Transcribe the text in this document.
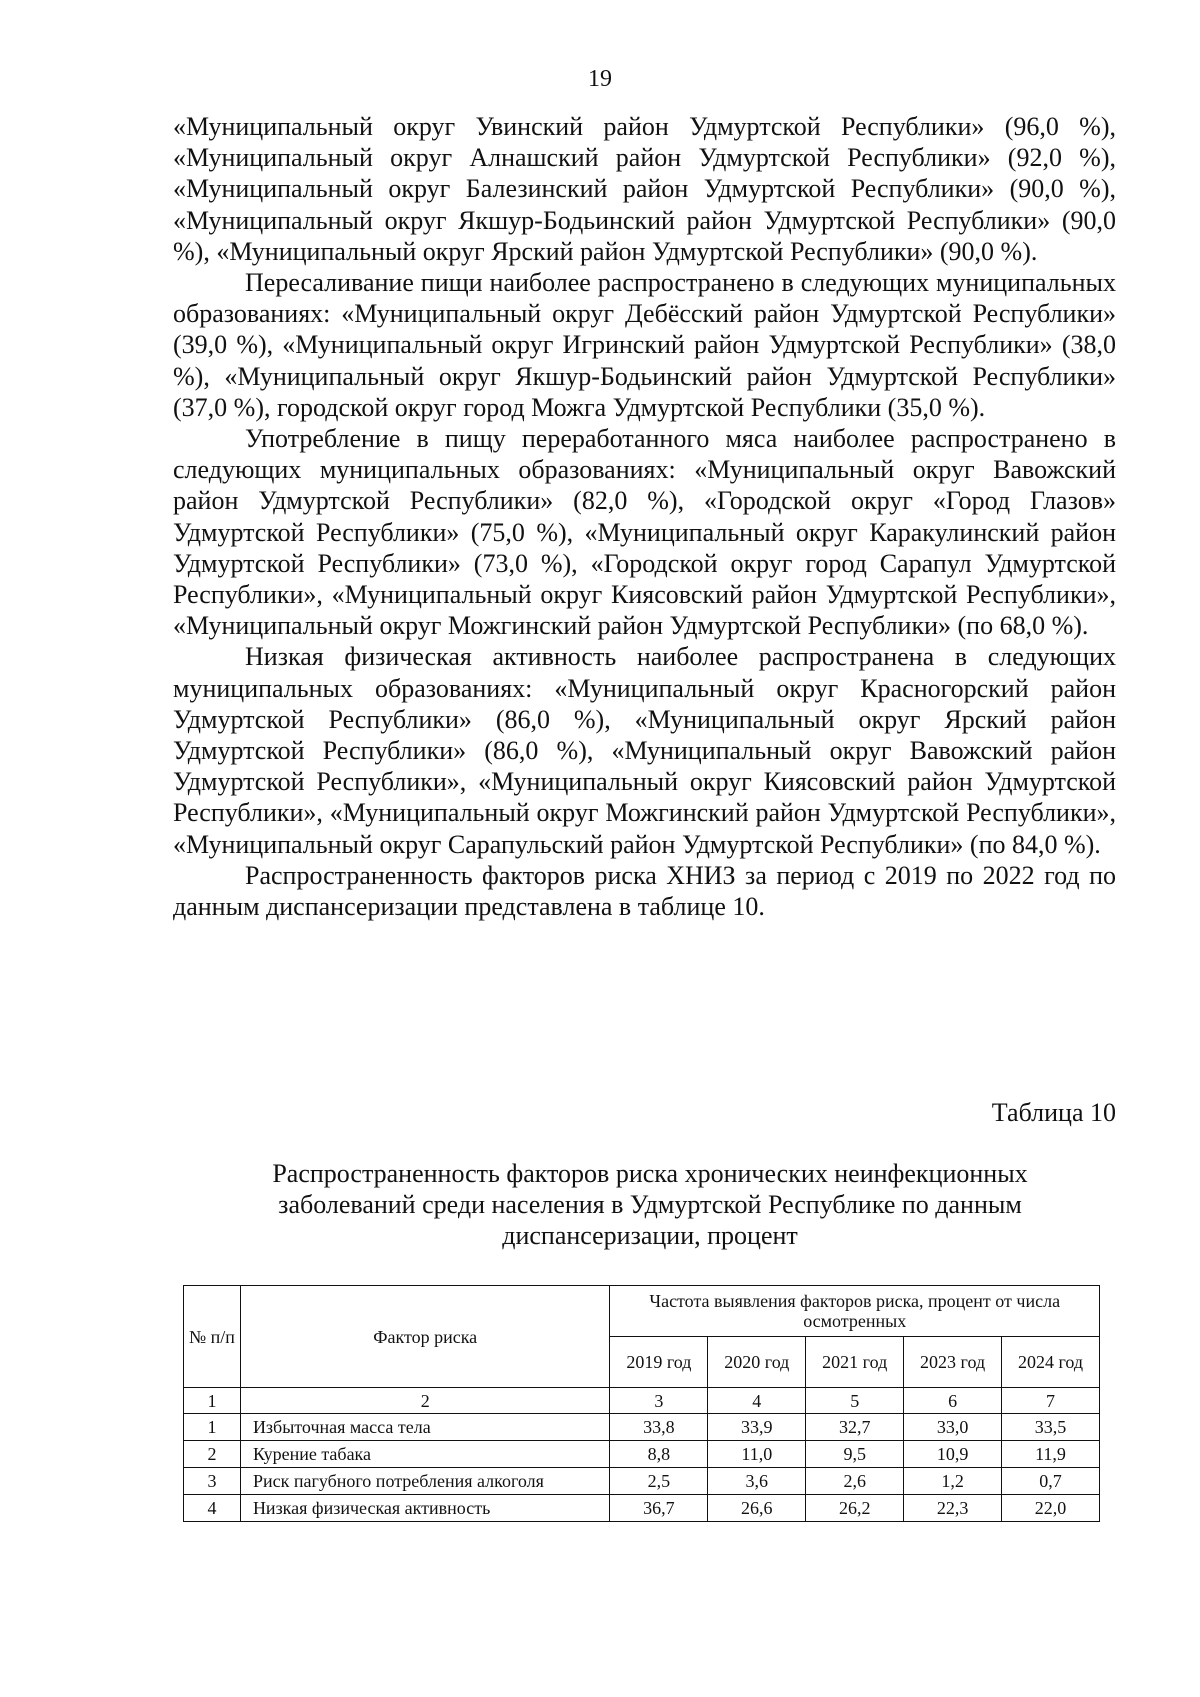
19

«Муниципальный округ Увинский район Удмуртской Республики» (96,0 %), «Муниципальный округ Алнашский район Удмуртской Республики» (92,0 %), «Муниципальный округ Балезинский район Удмуртской Республики» (90,0 %), «Муниципальный округ Якшур-Бодьинский район Удмуртской Республики» (90,0 %), «Муниципальный округ Ярский район Удмуртской Республики» (90,0 %).

Пересаливание пищи наиболее распространено в следующих муниципальных образованиях: «Муниципальный округ Дебёсский район Удмуртской Республики» (39,0 %), «Муниципальный округ Игринский район Удмуртской Республики» (38,0 %), «Муниципальный округ Якшур-Бодьинский район Удмуртской Республики» (37,0 %), городской округ город Можга Удмуртской Республики (35,0 %).

Употребление в пищу переработанного мяса наиболее распространено в следующих муниципальных образованиях: «Муниципальный округ Вавожский район Удмуртской Республики» (82,0 %), «Городской округ «Город Глазов» Удмуртской Республики» (75,0 %), «Муниципальный округ Каракулинский район Удмуртской Республики» (73,0 %), «Городской округ город Сарапул Удмуртской Республики», «Муниципальный округ Киясовский район Удмуртской Республики», «Муниципальный округ Можгинский район Удмуртской Республики» (по 68,0 %).

Низкая физическая активность наиболее распространена в следующих муниципальных образованиях: «Муниципальный округ Красногорский район Удмуртской Республики» (86,0 %), «Муниципальный округ Ярский район Удмуртской Республики» (86,0 %), «Муниципальный округ Вавожский район Удмуртской Республики», «Муниципальный округ Киясовский район Удмуртской Республики», «Муниципальный округ Можгинский район Удмуртской Республики», «Муниципальный округ Сарапульский район Удмуртской Республики» (по 84,0 %).

Распространенность факторов риска ХНИЗ за период с 2019 по 2022 год по данным диспансеризации представлена в таблице 10.

Таблица 10
Распространенность факторов риска хронических неинфекционных заболеваний среди населения в Удмуртской Республике по данным диспансеризации, процент
№ п/п	Фактор риска	Частота выявления факторов риска, процент от числа осмотренных				
		2019 год	2020 год	2021 год	2023 год	2024 год
1	2	3	4	5	6	7
1	Избыточная масса тела	33,8	33,9	32,7	33,0	33,5
2	Курение табака	8,8	11,0	9,5	10,9	11,9
3	Риск пагубного потребления алкоголя	2,5	3,6	2,6	1,2	0,7
4	Низкая физическая активность	36,7	26,6	26,2	22,3	22,0
